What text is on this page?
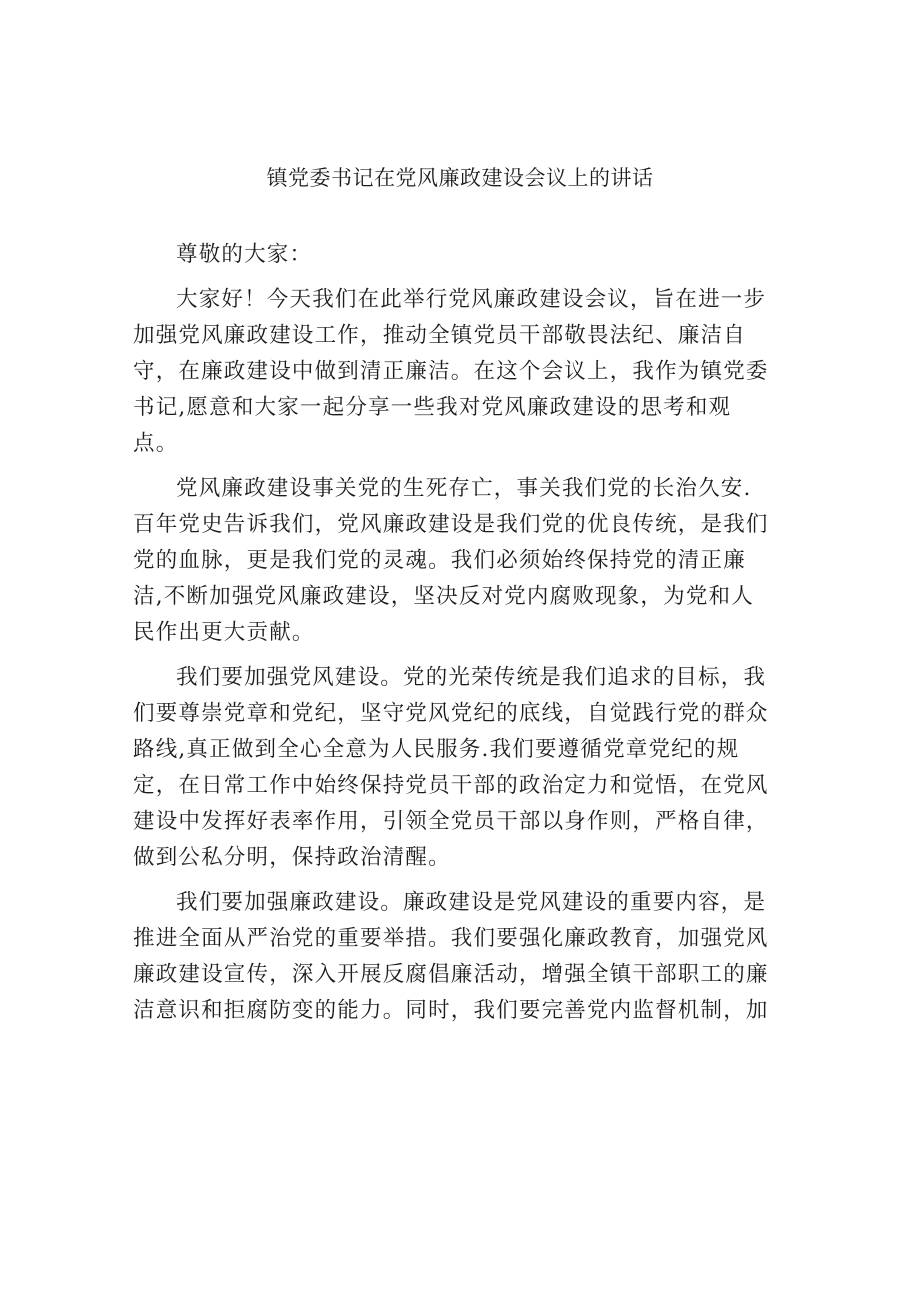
镇党委书记在党风廉政建设会议上的讲话

尊敬的大家：

大家好！今天我们在此举行党风廉政建设会议，旨在进一步
加强党风廉政建设工作，推动全镇党员干部敬畏法纪、廉洁自
守，在廉政建设中做到清正廉洁。在这个会议上，我作为镇党委
书记,愿意和大家一起分享一些我对党风廉政建设的思考和观
点。

党风廉政建设事关党的生死存亡，事关我们党的长治久安.
百年党史告诉我们，党风廉政建设是我们党的优良传统，是我们
党的血脉，更是我们党的灵魂。我们必须始终保持党的清正廉
洁,不断加强党风廉政建设，坚决反对党内腐败现象，为党和人
民作出更大贡献。

我们要加强党风建设。党的光荣传统是我们追求的目标，我
们要尊崇党章和党纪，坚守党风党纪的底线，自觉践行党的群众
路线,真正做到全心全意为人民服务.我们要遵循党章党纪的规
定，在日常工作中始终保持党员干部的政治定力和觉悟，在党风
建设中发挥好表率作用，引领全党员干部以身作则，严格自律，
做到公私分明，保持政治清醒。

我们要加强廉政建设。廉政建设是党风建设的重要内容，是
推进全面从严治党的重要举措。我们要强化廉政教育，加强党风
廉政建设宣传，深入开展反腐倡廉活动，增强全镇干部职工的廉
洁意识和拒腐防变的能力。同时，我们要完善党内监督机制，加
